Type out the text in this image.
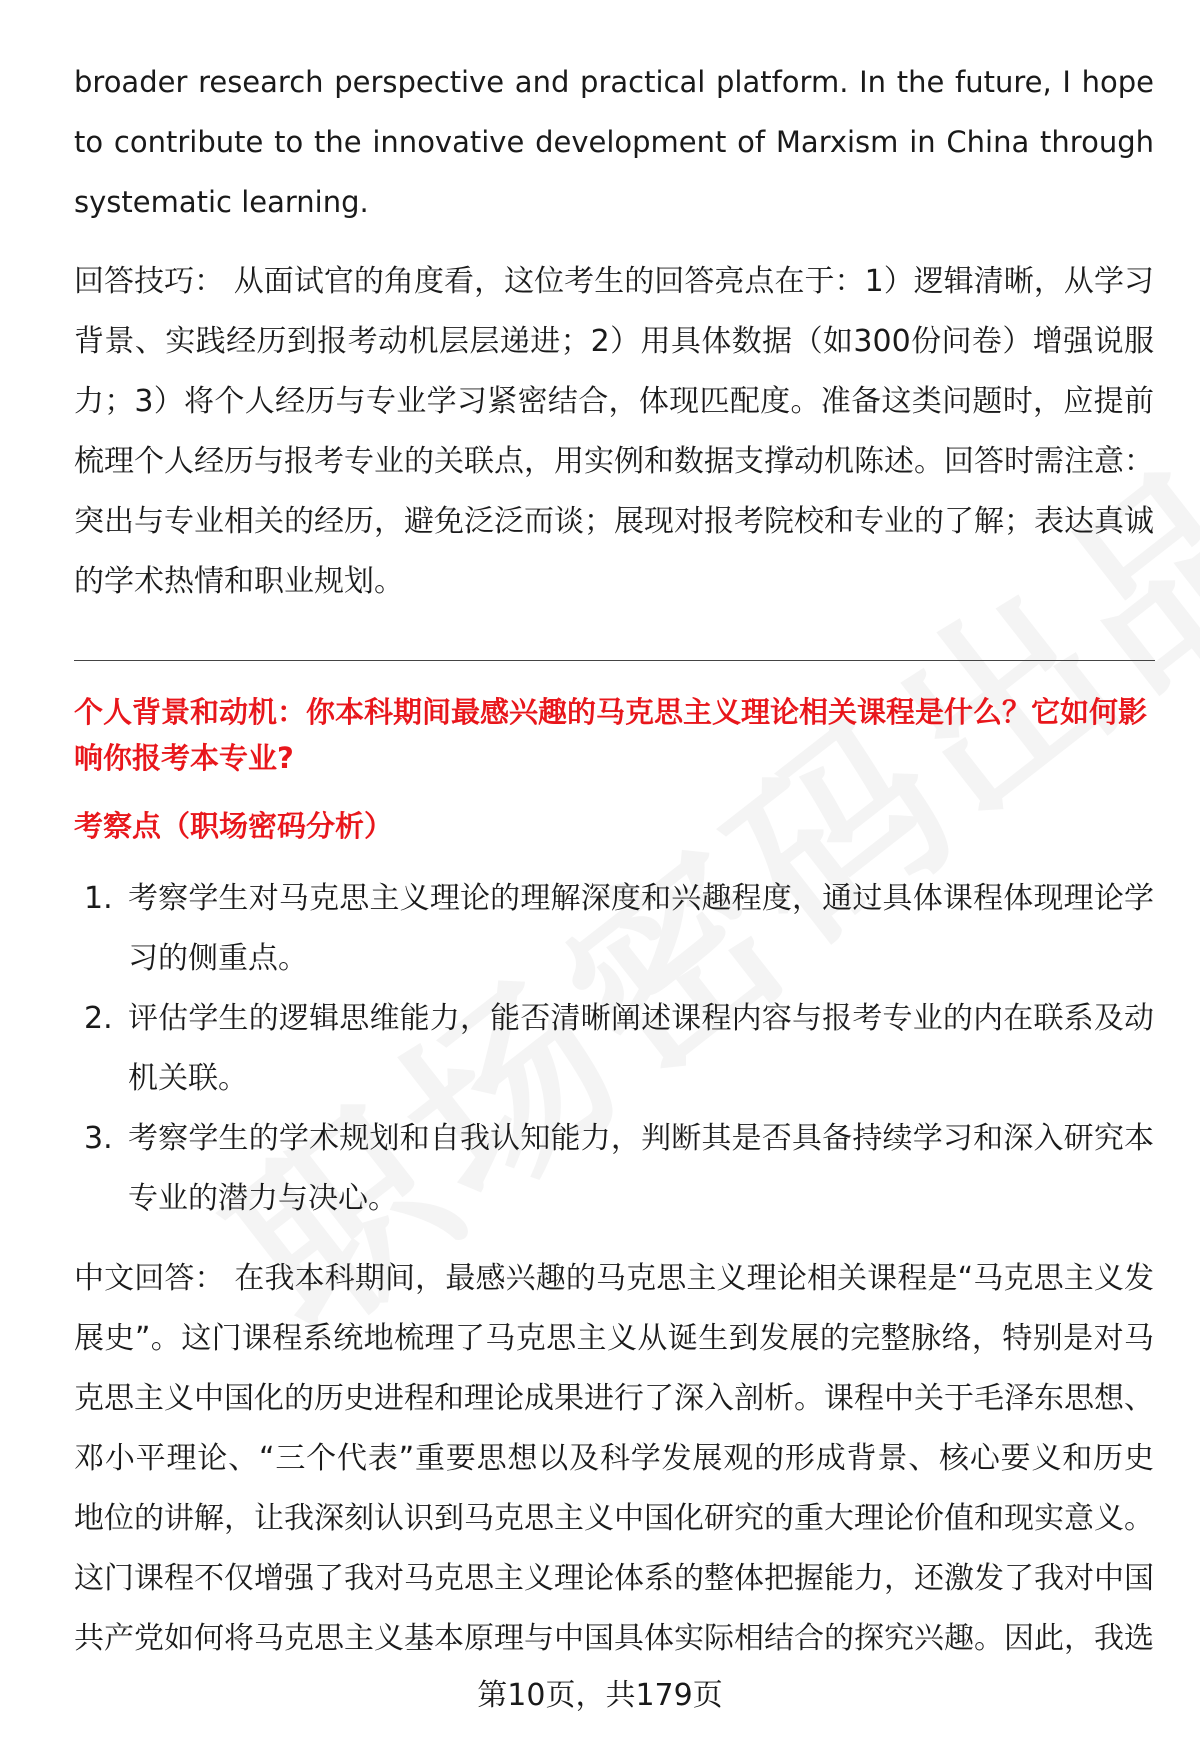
broader research perspective and practical platform. In the future, I hope to contribute to the innovative development of Marxism in China through systematic learning.

回答技巧： 从面试官的角度看，这位考生的回答亮点在于：1）逻辑清晰，从学习背景、实践经历到报考动机层层递进；2）用具体数据（如300份问卷）增强说服力；3）将个人经历与专业学习紧密结合，体现匹配度。准备这类问题时，应提前梳理个人经历与报考专业的关联点，用实例和数据支撑动机陈述。回答时需注意：突出与专业相关的经历，避免泛泛而谈；展现对报考院校和专业的了解；表达真诚的学术热情和职业规划。

个人背景和动机：你本科期间最感兴趣的马克思主义理论相关课程是什么？它如何影响你报考本专业?

考察点（职场密码分析）

1. 考察学生对马克思主义理论的理解深度和兴趣程度，通过具体课程体现理论学习的侧重点。
2. 评估学生的逻辑思维能力，能否清晰阐述课程内容与报考专业的内在联系及动机关联。
3. 考察学生的学术规划和自我认知能力，判断其是否具备持续学习和深入研究本专业的潜力与决心。

中文回答： 在我本科期间，最感兴趣的马克思主义理论相关课程是“马克思主义发展史”。这门课程系统地梳理了马克思主义从诞生到发展的完整脉络，特别是对马克思主义中国化的历史进程和理论成果进行了深入剖析。课程中关于毛泽东思想、邓小平理论、“三个代表”重要思想以及科学发展观的形成背景、核心要义和历史地位的讲解，让我深刻认识到马克思主义中国化研究的重大理论价值和现实意义。这门课程不仅增强了我对马克思主义理论体系的整体把握能力，还激发了我对中国共产党如何将马克思主义基本原理与中国具体实际相结合的探究兴趣。因此，我选

第10页，共179页
